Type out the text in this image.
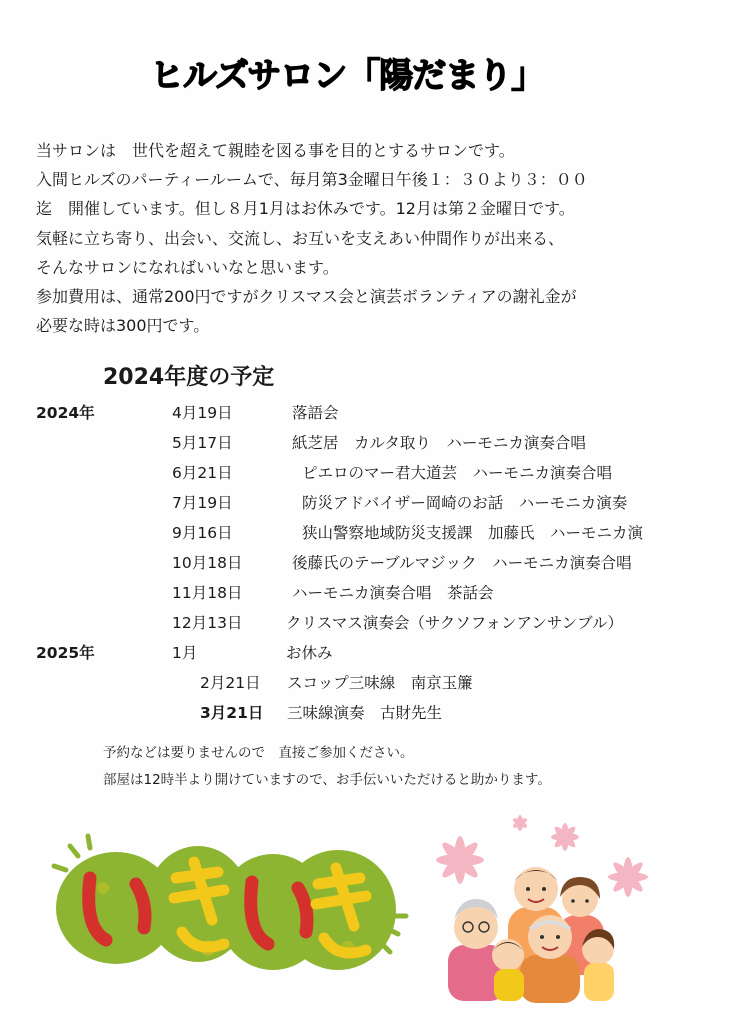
ヒルズサロン「陽だまり」
当サロンは　世代を超えて親睦を図る事を目的とするサロンです。
入間ヒルズのパーティールームで、毎月第3金曜日午後１：３０より３：００
迄　開催しています。但し８月1月はお休みです。12月は第２金曜日です。
気軽に立ち寄り、出会い、交流し、お互いを支えあい仲間作りが出来る、
そんなサロンになればいいなと思います。
参加費用は、通常200円ですがクリスマス会と演芸ボランティアの謝礼金が
必要な時は300円です。
2024年度の予定
2024年	4月19日	落語会
5月17日	紙芝居　カルタ取り　ハーモニカ演奏合唱
6月21日	ピエロのマー君大道芸　ハーモニカ演奏合唱
7月19日	防災アドバイザー岡崎のお話　ハーモニカ演奏
9月16日	狭山警察地域防災支援課　加藤氏　ハーモニカ演
10月18日	後藤氏のテーブルマジック　ハーモニカ演奏合唱
11月18日	ハーモニカ演奏合唱　茶話会
12月13日	クリスマス演奏会（サクソフォンアンサンブル）
2025年	1月	お休み
2月21日 スコップ三味線　南京玉簾
3月21日 三味線演奏　古財先生
予約などは要りませんので　直接ご参加ください。
部屋は12時半より開けていますので、お手伝いいただけると助かります。
